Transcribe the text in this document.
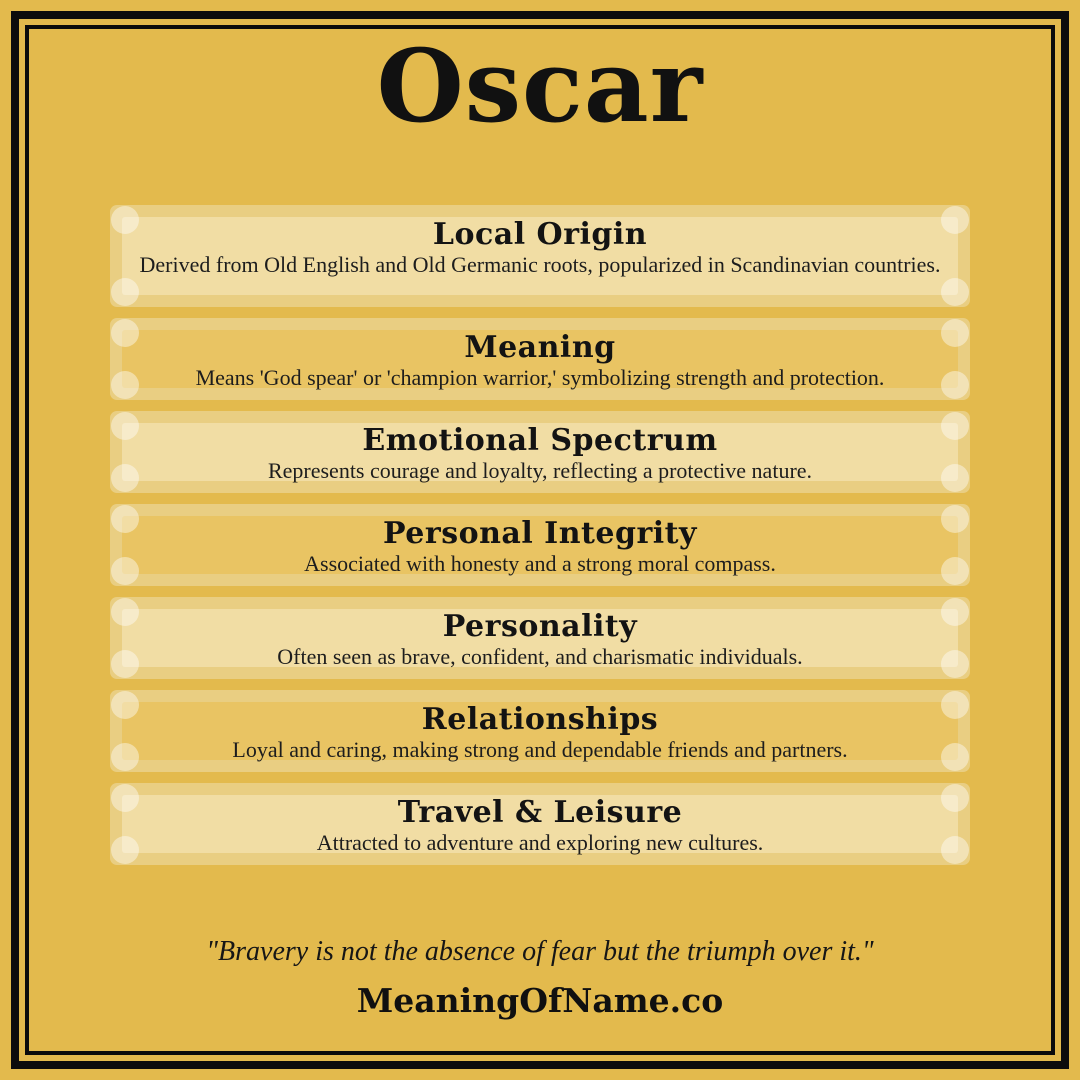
Oscar
Local Origin

Derived from Old English and Old Germanic roots, popularized in Scandinavian countries.

Meaning

Means 'God spear' or 'champion warrior,' symbolizing strength and protection.

Emotional Spectrum

Represents courage and loyalty, reflecting a protective nature.

Personal Integrity

Associated with honesty and a strong moral compass.

Personality

Often seen as brave, confident, and charismatic individuals.

Relationships

Loyal and caring, making strong and dependable friends and partners.

Travel & Leisure

Attracted to adventure and exploring new cultures.

"Bravery is not the absence of fear but the triumph over it."

MeaningOfName.co
